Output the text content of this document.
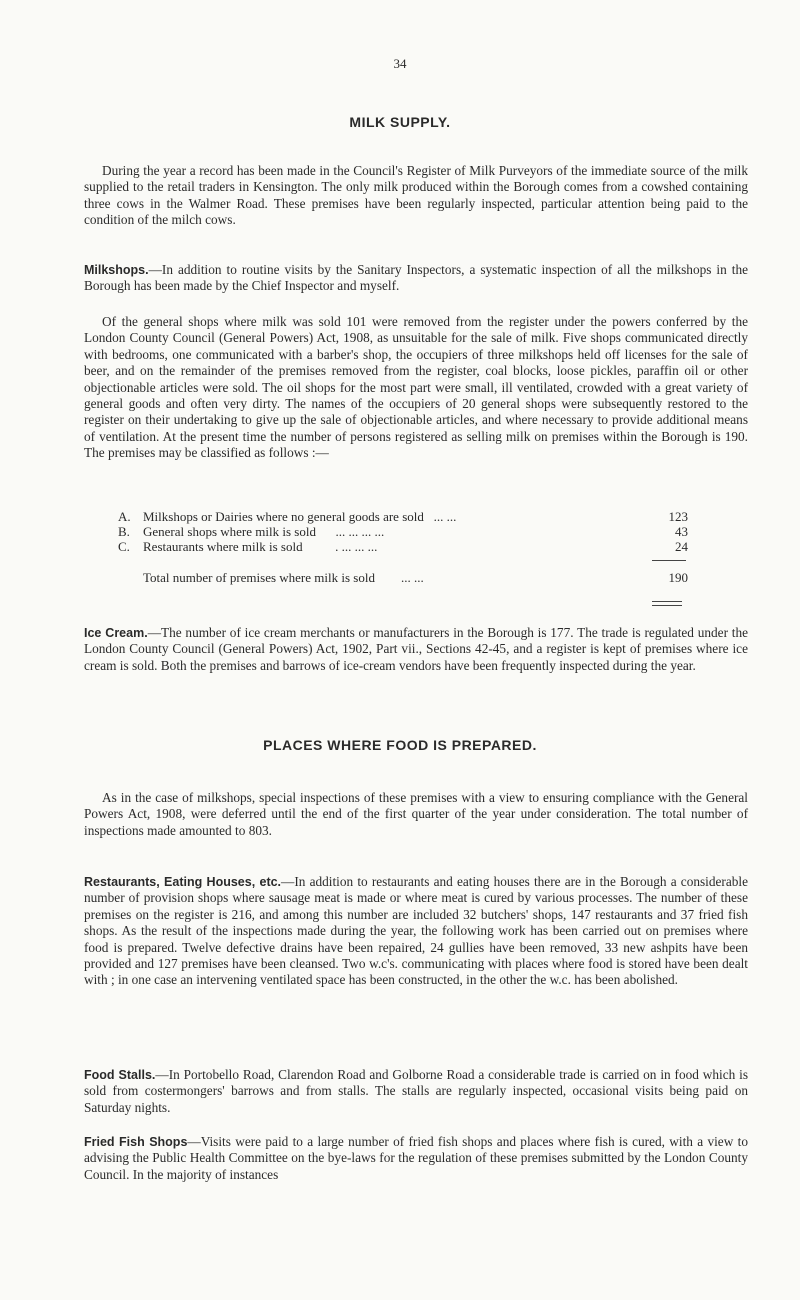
34
MILK SUPPLY.

During the year a record has been made in the Council's Register of Milk Purveyors of the immediate source of the milk supplied to the retail traders in Kensington. The only milk produced within the Borough comes from a cowshed containing three cows in the Walmer Road. These premises have been regularly inspected, particular attention being paid to the condition of the milch cows.

Milkshops.—In addition to routine visits by the Sanitary Inspectors, a systematic inspection of all the milkshops in the Borough has been made by the Chief Inspector and myself.

Of the general shops where milk was sold 101 were removed from the register under the powers conferred by the London County Council (General Powers) Act, 1908, as unsuitable for the sale of milk. Five shops communicated directly with bedrooms, one communicated with a barber's shop, the occupiers of three milkshops held off licenses for the sale of beer, and on the remainder of the premises removed from the register, coal blocks, loose pickles, paraffin oil or other objectionable articles were sold. The oil shops for the most part were small, ill ventilated, crowded with a great variety of general goods and often very dirty. The names of the occupiers of 20 general shops were subsequently restored to the register on their undertaking to give up the sale of objectionable articles, and where necessary to provide additional means of ventilation. At the present time the number of persons registered as selling milk on premises within the Borough is 190. The premises may be classified as follows :—

A. Milkshops or Dairies where no general goods are sold ... ...	123
B.	General shops where milk is sold ... ... ... ...	43
C.	Restaurants where milk is sold	. ... ... ...	24
Total number of premises where milk is sold ... ...	190

Ice Cream.—The number of ice cream merchants or manufacturers in the Borough is 177. The trade is regulated under the London County Council (General Powers) Act, 1902, Part vii., Sections 42-45, and a register is kept of premises where ice cream is sold. Both the premises and barrows of ice-cream vendors have been frequently inspected during the year.

PLACES WHERE FOOD IS PREPARED.

As in the case of milkshops, special inspections of these premises with a view to ensuring compliance with the General Powers Act, 1908, were deferred until the end of the first quarter of the year under consideration. The total number of inspections made amounted to 803.

Restaurants, Eating Houses, etc.—In addition to restaurants and eating houses there are in the Borough a considerable number of provision shops where sausage meat is made or where meat is cured by various processes. The number of these premises on the register is 216, and among this number are included 32 butchers' shops, 147 restaurants and 37 fried fish shops. As the result of the inspections made during the year, the following work has been carried out on premises where food is prepared. Twelve defective drains have been repaired, 24 gullies have been removed, 33 new ashpits have been provided and 127 premises have been cleansed. Two w.c's. communicating with places where food is stored have been dealt with ; in one case an intervening ventilated space has been constructed, in the other the w.c. has been abolished.

Food Stalls.—In Portobello Road, Clarendon Road and Golborne Road a considerable trade is carried on in food which is sold from costermongers' barrows and from stalls. The stalls are regularly inspected, occasional visits being paid on Saturday nights.

Fried Fish Shops—Visits were paid to a large number of fried fish shops and places where fish is cured, with a view to advising the Public Health Committee on the bye-laws for the regulation of these premises submitted by the London County Council. In the majority of instances
